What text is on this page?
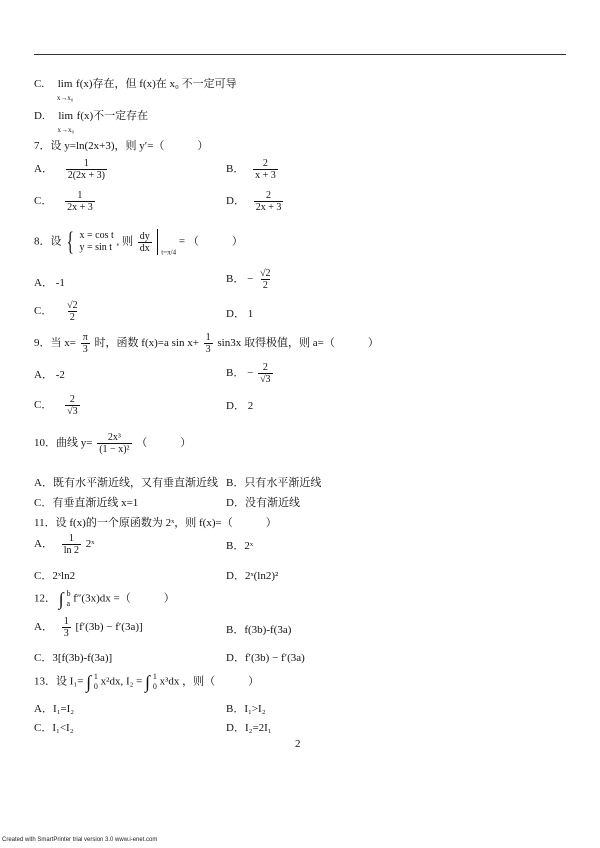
C. lim
x→x₀ f(x)存在，但 f(x)在 x₀ 不一定可导
D. lim
x→x₀ f(x)不一定存在
7．设 y=ln(2x+3)，则 y′=（　　　）
A． $\frac{1}{2(2x + 3)}$	B． $\frac{2}{x + 3}$
C． $\frac{1}{2x + 3}$	D． $\frac{2}{2x + 3}$
8．设 { x = cos t
y = sin t , 则 $\frac{dy}{dx} _{t=\pi/4}$ = （　　　）
A． -1	B． − $\frac{√2}{2}$
C． $\frac{√2}{2}$	D． 1
9．当 $x= \frac{\pi}{3}$ 时，函数 f(x)=a $\sin x+ \frac{1}{3} \sin 3x$ 取得极值，则 a=（　　　）
A． -2	B． − $\frac{2}{√3}$
C． $\frac{2}{√3}$	D． 2
10．曲线 $y= \frac{\text{2x³}}{\text{(1 − x)²}}$ （　　　）
A．既有水平渐近线，又有垂直渐近线 B．只有水平渐近线
C．有垂直渐近线 x=1	D．没有渐近线
11．设 f(x)的一个原函数为 2ˣ，则 f(x)=（　　　）
A． $\frac{1}{\ln 2}$ 2ˣ	B．2ˣ
C．2ˣln2	D．2ˣ(ln2)²
12． ∫ b
a f″(3x)dx =（　　　）
A． $\frac{1}{3} [f'(3b) - f'(3a)]$	B．f(3b)-f(3a)
C．3[f(3b)-f(3a)]	D．f′(3b) − f′(3a)
13．设 I₁= ∫ 1
0 x²dx, I₂ = ∫ 1
0 x³dx ，则（　　　）
A．I₁=I₂	B．I₁>I₂
C．I₁<I₂	D．I₂=2I₁
2
Created with SmartPrinter trial version 3.0 www.i-enet.com
